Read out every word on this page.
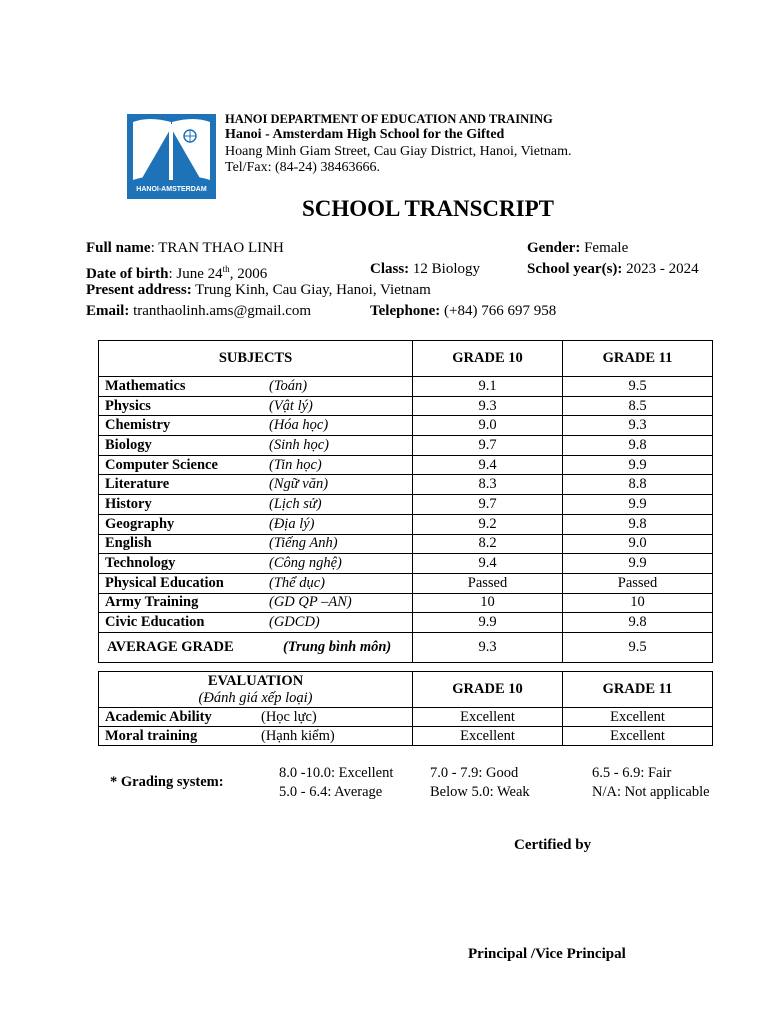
HANOI-AMSTERDAM
HANOI DEPARTMENT OF EDUCATION AND TRAINING
Hanoi - Amsterdam High School for the Gifted
Hoang Minh Giam Street, Cau Giay District, Hanoi, Vietnam.
Tel/Fax: (84-24) 38463666.
SCHOOL TRANSCRIPT
Full name: TRAN THAO LINH	Gender: Female
Date of birth: June 24th, 2006	Class: 12 Biology	School year(s): 2023 - 2024
Present address: Trung Kinh, Cau Giay, Hanoi, Vietnam
Email: tranthaolinh.ams@gmail.com	Telephone: (+84) 766 697 958
SUBJECTS	GRADE 10	GRADE 11
Mathematics (Toán)	9.1	9.5
Physics (Vật lý)	9.3	8.5
Chemistry (Hóa học)	9.0	9.3
Biology (Sinh học)	9.7	9.8
Computer Science (Tin học)	9.4	9.9
Literature (Ngữ văn)	8.3	8.8
History (Lịch sử)	9.7	9.9
Geography (Địa lý)	9.2	9.8
English (Tiếng Anh)	8.2	9.0
Technology (Công nghệ)	9.4	9.9
Physical Education (Thể dục)	Passed	Passed
Army Training (GD QP –AN)	10	10
Civic Education (GDCD)	9.9	9.8
AVERAGE GRADE (Trung bình môn)	9.3	9.5
EVALUATION
(Đánh giá xếp loại)	GRADE 10	GRADE 11
Academic Ability (Học lực)	Excellent	Excellent
Moral training (Hạnh kiểm)	Excellent	Excellent
* Grading system:
8.0 -10.0: Excellent	7.0 - 7.9: Good	6.5 - 6.9: Fair
5.0 - 6.4: Average	Below 5.0: Weak	N/A: Not applicable
Certified by
Principal /Vice Principal
